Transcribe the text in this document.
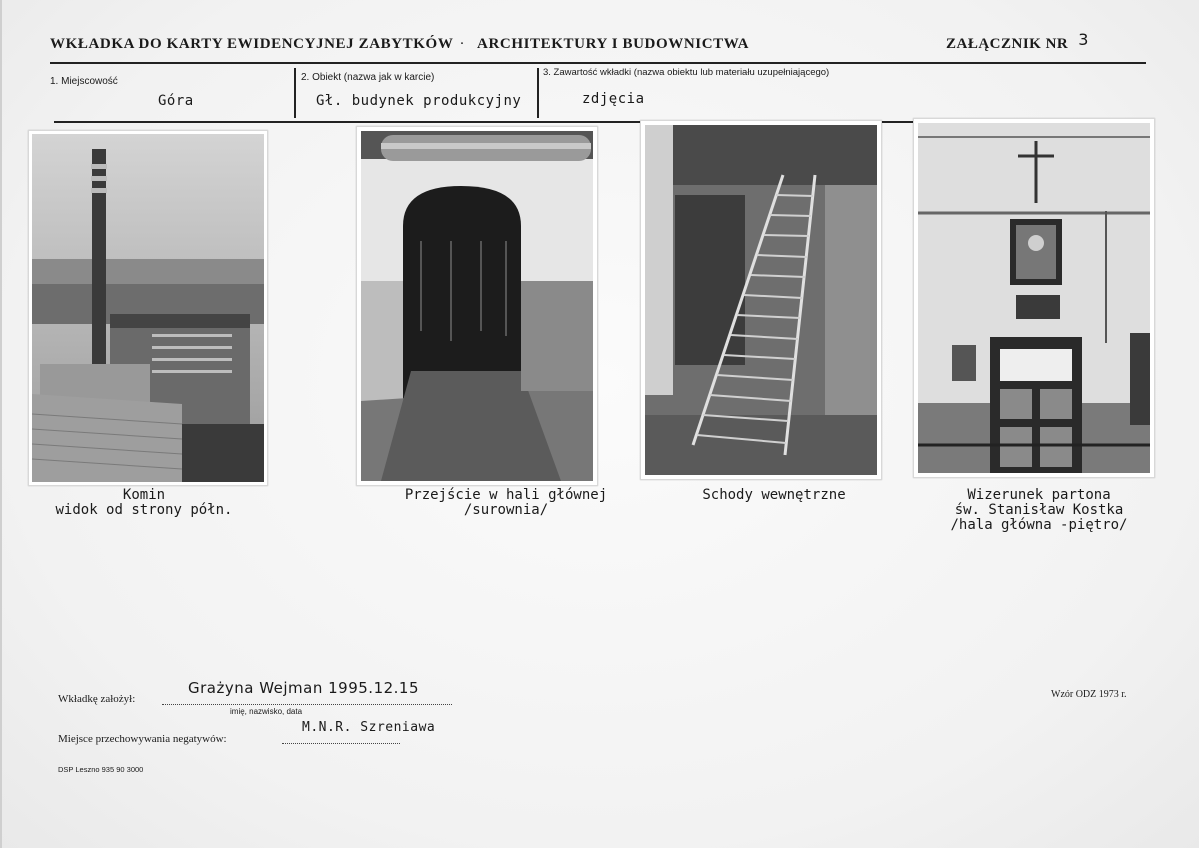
WKŁADKA DO KARTY EWIDENCYJNEJ ZABYTKÓW · ARCHITEKTURY I BUDOWNICTWA	ZAŁĄCZNIK NR 3
1. Miejscowość
Góra
2. Obiekt (nazwa jak w karcie)
Gł. budynek produkcyjny
3. Zawartość wkładki (nazwa obiektu lub materiału uzupełniającego)
zdjęcia
Komin
widok od strony półn.
Przejście w hali głównej
/surownia/
Schody wewnętrzne	Wizerunek partona
św. Stanisław Kostka
/hala główna -piętro/
Wkładkę założył:
Grażyna Wejman 1995.12.15
imię, nazwisko, data
Miejsce przechowywania negatywów:
M.N.R. Szreniawa
Wzór ODZ 1973 r.
DSP Leszno 935 90 3000
